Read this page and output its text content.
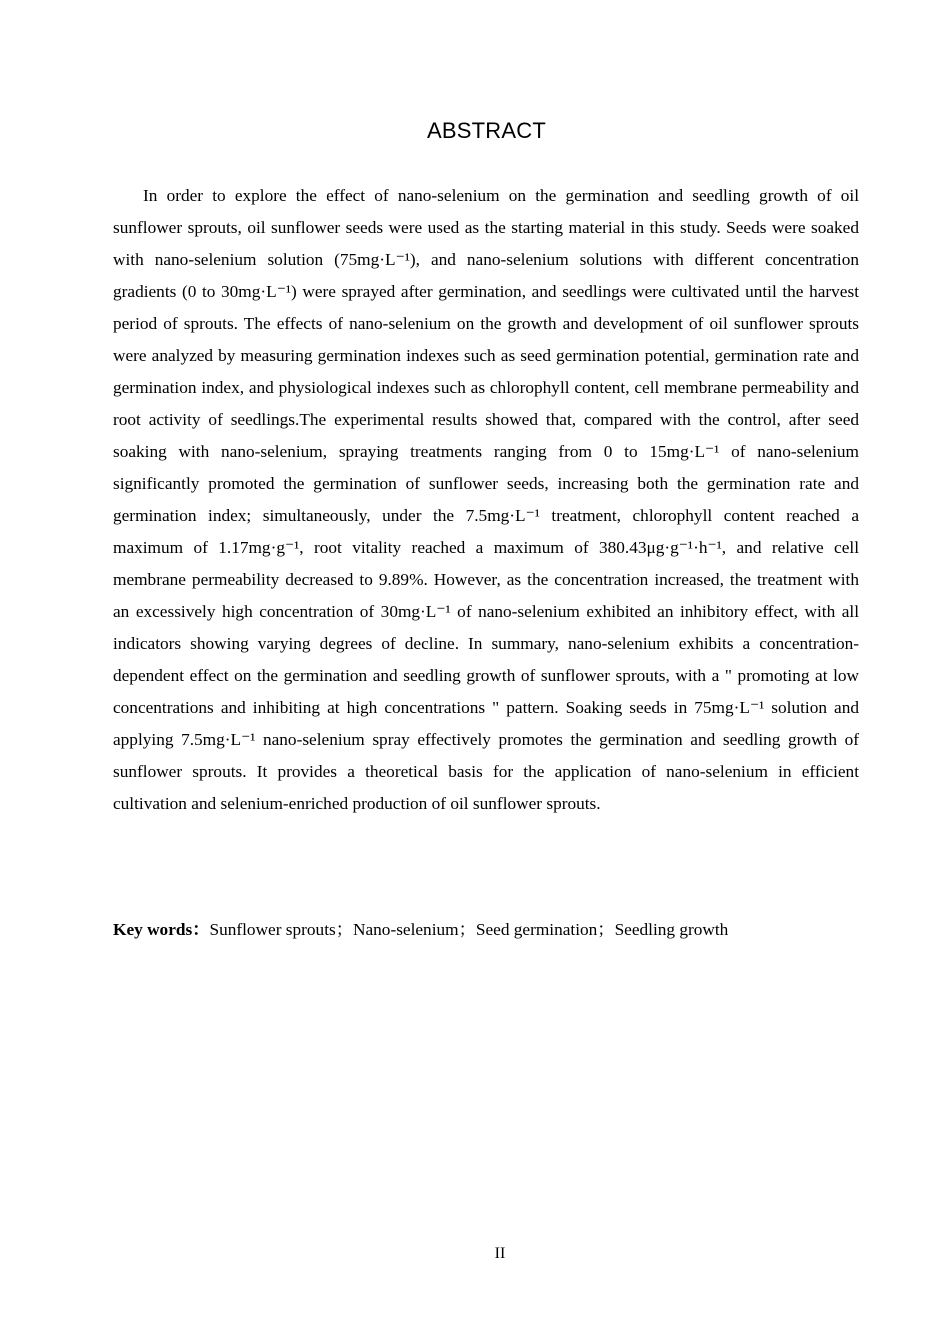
ABSTRACT

In order to explore the effect of nano-selenium on the germination and seedling growth of oil sunflower sprouts, oil sunflower seeds were used as the starting material in this study. Seeds were soaked with nano-selenium solution (75mg·L⁻¹), and nano-selenium solutions with different concentration gradients (0 to 30mg·L⁻¹) were sprayed after germination, and seedlings were cultivated until the harvest period of sprouts. The effects of nano-selenium on the growth and development of oil sunflower sprouts were analyzed by measuring germination indexes such as seed germination potential, germination rate and germination index, and physiological indexes such as chlorophyll content, cell membrane permeability and root activity of seedlings.The experimental results showed that, compared with the control, after seed soaking with nano-selenium, spraying treatments ranging from 0 to 15mg·L⁻¹ of nano-selenium significantly promoted the germination of sunflower seeds, increasing both the germination rate and germination index; simultaneously, under the 7.5mg·L⁻¹ treatment, chlorophyll content reached a maximum of 1.17mg·g⁻¹, root vitality reached a maximum of 380.43μg·g⁻¹·h⁻¹, and relative cell membrane permeability decreased to 9.89%. However, as the concentration increased, the treatment with an excessively high concentration of 30mg·L⁻¹ of nano-selenium exhibited an inhibitory effect, with all indicators showing varying degrees of decline. In summary, nano-selenium exhibits a concentration-dependent effect on the germination and seedling growth of sunflower sprouts, with a " promoting at low concentrations and inhibiting at high concentrations " pattern. Soaking seeds in 75mg·L⁻¹ solution and applying 7.5mg·L⁻¹ nano-selenium spray effectively promotes the germination and seedling growth of sunflower sprouts. It provides a theoretical basis for the application of nano-selenium in efficient cultivation and selenium-enriched production of oil sunflower sprouts.

Key words：Sunflower sprouts；Nano-selenium；Seed germination；Seedling growth
II
